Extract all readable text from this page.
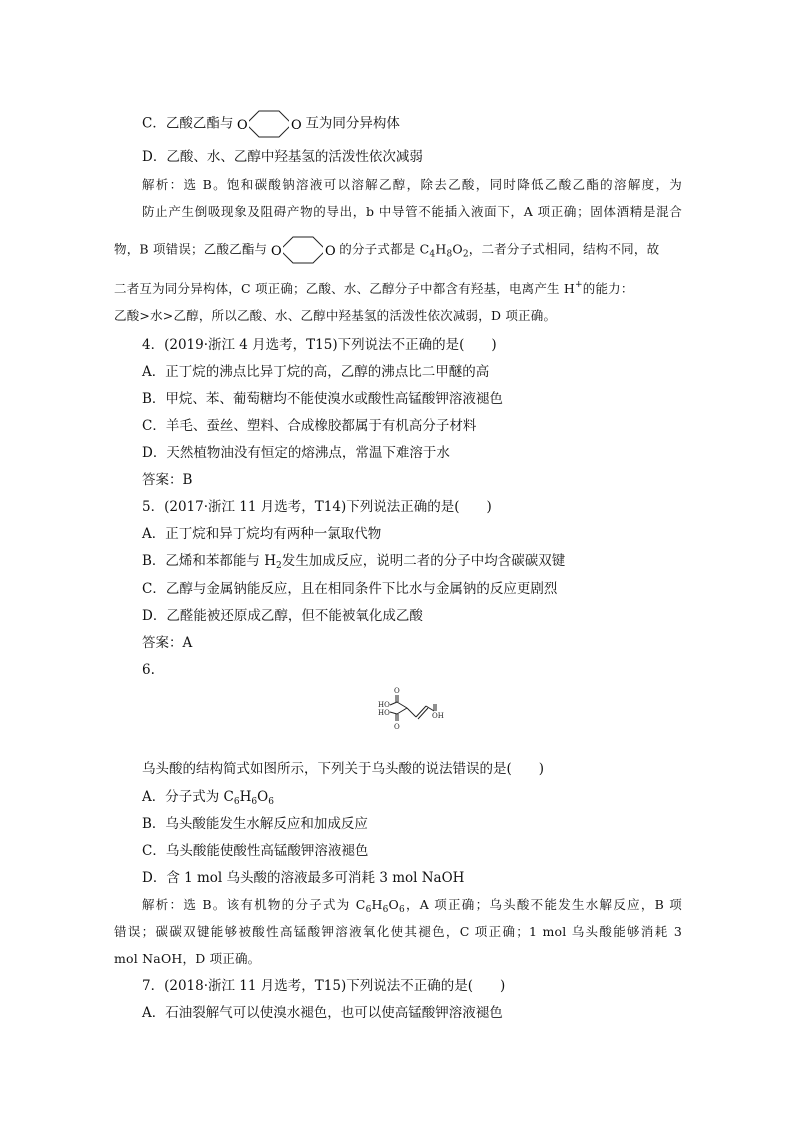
C．乙酸乙酯与 O	O 互为同分异构体
D．乙酸、水、乙醇中羟基氢的活泼性依次减弱
解析：选 B。饱和碳酸钠溶液可以溶解乙醇，除去乙酸，同时降低乙酸乙酯的溶解度，为
防止产生倒吸现象及阻碍产物的导出，b 中导管不能插入液面下，A 项正确；固体酒精是混合
物，B 项错误；乙酸乙酯与 O	O 的分子式都是 $C_4H_8O_2$，二者分子式相同，结构不同，故
二者互为同分异构体，C 项正确；乙酸、水、乙醇分子中都含有羟基，电离产生 H+的能力：
乙酸>水>乙醇，所以乙酸、水、乙醇中羟基氢的活泼性依次减弱，D 项正确。
4．(2019·浙江 4 月选考，T15)下列说法不正确的是(　　)
A．正丁烷的沸点比异丁烷的高，乙醇的沸点比二甲醚的高
B．甲烷、苯、葡萄糖均不能使溴水或酸性高锰酸钾溶液褪色
C．羊毛、蚕丝、塑料、合成橡胶都属于有机高分子材料
D．天然植物油没有恒定的熔沸点，常温下难溶于水
答案：B
5．(2017·浙江 11 月选考，T14)下列说法正确的是(　　)
A．正丁烷和异丁烷均有两种一氯取代物
B．乙烯和苯都能与 $H_2$发生加成反应，说明二者的分子中均含碳碳双键
C．乙醇与金属钠能反应，且在相同条件下比水与金属钠的反应更剧烈
D．乙醛能被还原成乙醇，但不能被氧化成乙酸
答案：A
6.
O
HO
HO
O
OH
乌头酸的结构简式如图所示，下列关于乌头酸的说法错误的是(　　)
A．分子式为 $C_6H_6O_6$
B．乌头酸能发生水解反应和加成反应
C．乌头酸能使酸性高锰酸钾溶液褪色
D．含 1 mol 乌头酸的溶液最多可消耗 3 mol NaOH
解析：选 B。该有机物的分子式为 $C_6H_6O_6$，A 项正确；乌头酸不能发生水解反应，B 项
错误；碳碳双键能够被酸性高锰酸钾溶液氧化使其褪色，C 项正确；1 mol 乌头酸能够消耗 3
mol NaOH，D 项正确。
7．(2018·浙江 11 月选考，T15)下列说法不正确的是(　　)
A．石油裂解气可以使溴水褪色，也可以使高锰酸钾溶液褪色
